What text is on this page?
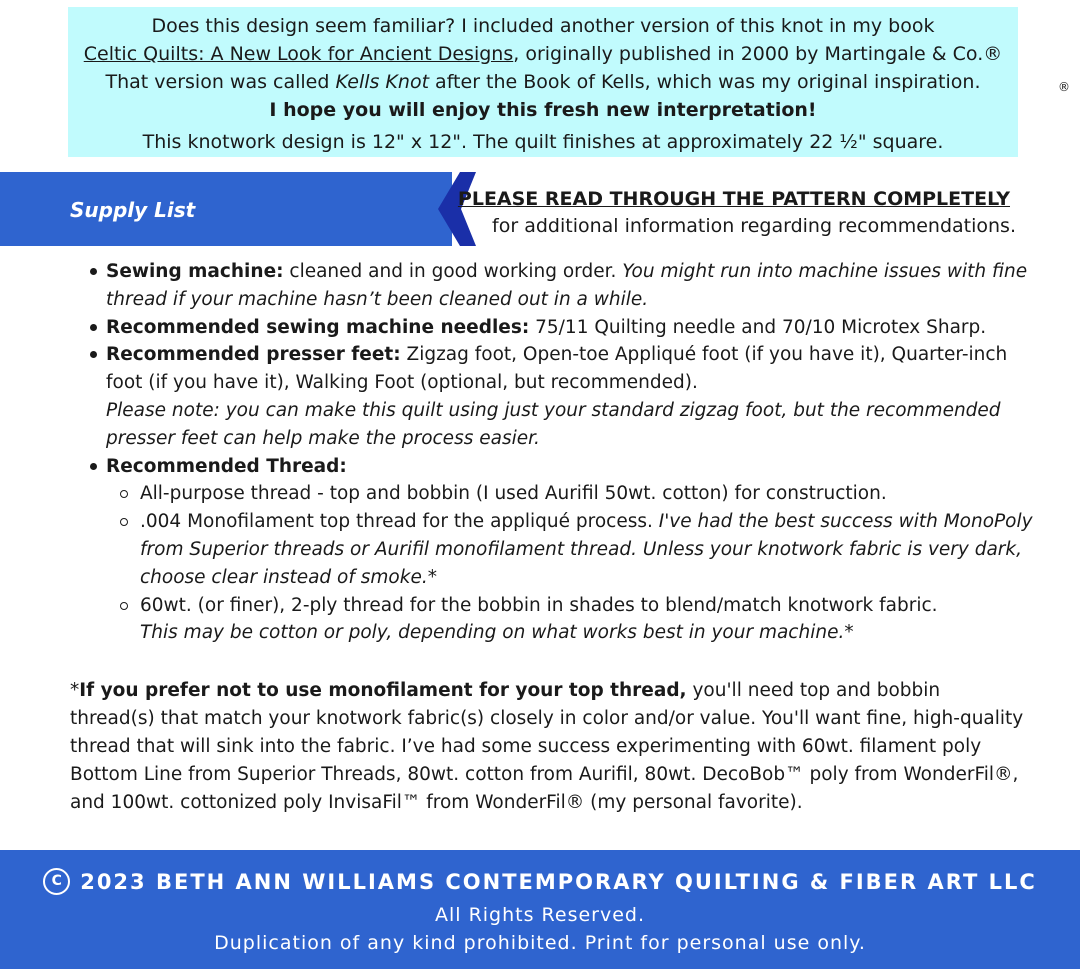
Does this design seem familiar? I included another version of this knot in my book
Celtic Quilts: A New Look for Ancient Designs, originally published in 2000 by Martingale & Co.®
That version was called Kells Knot after the Book of Kells, which was my original inspiration.
I hope you will enjoy this fresh new interpretation!
This knotwork design is 12" x 12". The quilt finishes at approximately 22 ½" square.
®
Supply List	PLEASE READ THROUGH THE PATTERN COMPLETELY
for additional information regarding recommendations.
Sewing machine: cleaned and in good working order. You might run into machine issues with fine thread if your machine hasn’t been cleaned out in a while.
Recommended sewing machine needles: 75/11 Quilting needle and 70/10 Microtex Sharp.
Recommended presser feet: Zigzag foot, Open-toe Appliqué foot (if you have it), Quarter-inch foot (if you have it), Walking Foot (optional, but recommended).
Please note: you can make this quilt using just your standard zigzag foot, but the recommended presser feet can help make the process easier.
Recommended Thread:
All-purpose thread - top and bobbin (I used Aurifil 50wt. cotton) for construction.
.004 Monofilament top thread for the appliqué process. I've had the best success with MonoPoly from Superior threads or Aurifil monofilament thread. Unless your knotwork fabric is very dark, choose clear instead of smoke.*
60wt. (or finer), 2-ply thread for the bobbin in shades to blend/match knotwork fabric.
This may be cotton or poly, depending on what works best in your machine.*
*If you prefer not to use monofilament for your top thread, you'll need top and bobbin thread(s) that match your knotwork fabric(s) closely in color and/or value. You'll want fine, high-quality thread that will sink into the fabric. I’ve had some success experimenting with 60wt. filament poly Bottom Line from Superior Threads, 80wt. cotton from Aurifil, 80wt. DecoBob™ poly from WonderFil®, and 100wt. cottonized poly InvisaFil™ from WonderFil® (my personal favorite).
C 2023 BETH ANN WILLIAMS CONTEMPORARY QUILTING & FIBER ART LLC
All Rights Reserved.
Duplication of any kind prohibited. Print for personal use only.
